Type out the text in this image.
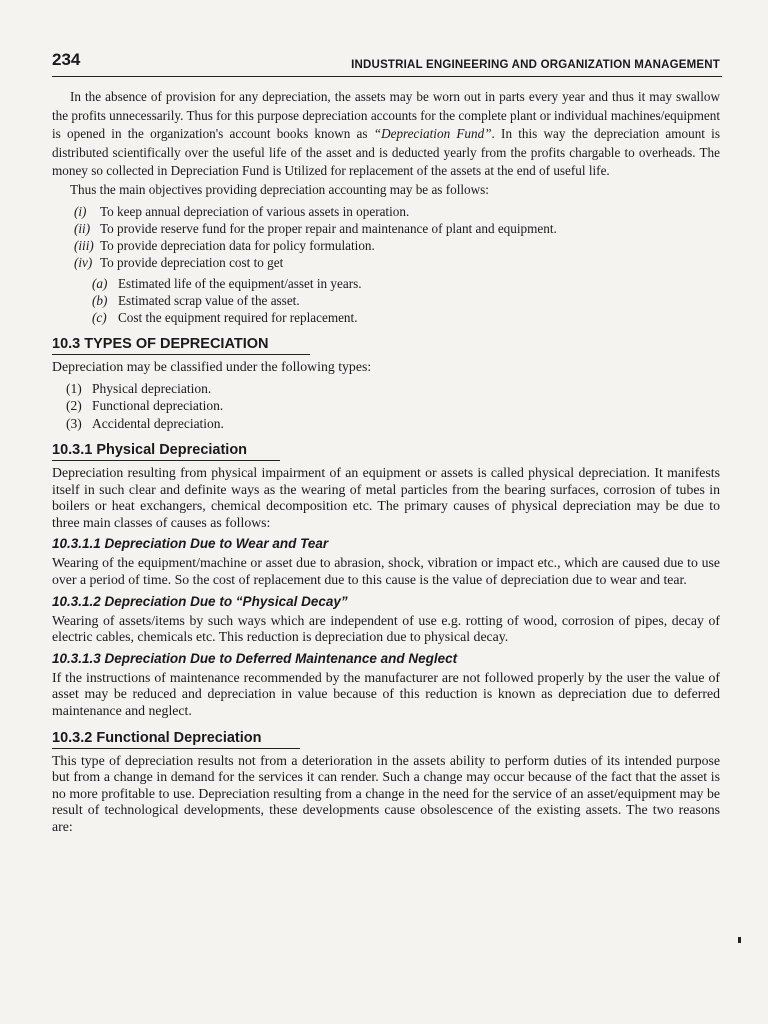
234	INDUSTRIAL ENGINEERING AND ORGANIZATION MANAGEMENT

In the absence of provision for any depreciation, the assets may be worn out in parts every year and thus it may swallow the profits unnecessarily. Thus for this purpose depreciation accounts for the complete plant or individual machines/equipment is opened in the organization's account books known as “Depreciation Fund”. In this way the depreciation amount is distributed scientifically over the useful life of the asset and is deducted yearly from the profits chargable to overheads. The money so collected in Depreciation Fund is Utilized for replacement of the assets at the end of useful life.

Thus the main objectives providing depreciation accounting may be as follows:

(i) To keep annual depreciation of various assets in operation.
(ii) To provide reserve fund for the proper repair and maintenance of plant and equipment.
(iii) To provide depreciation data for policy formulation.
(iv) To provide depreciation cost to get
(a) Estimated life of the equipment/asset in years.
(b) Estimated scrap value of the asset.
(c) Cost the equipment required for replacement.
10.3 TYPES OF DEPRECIATION

Depreciation may be classified under the following types:

(1) Physical depreciation.
(2) Functional depreciation.
(3) Accidental depreciation.
10.3.1 Physical Depreciation

Depreciation resulting from physical impairment of an equipment or assets is called physical depreciation. It manifests itself in such clear and definite ways as the wearing of metal particles from the bearing surfaces, corrosion of tubes in boilers or heat exchangers, chemical decomposition etc. The primary causes of physical depreciation may be due to three main classes of causes as follows:

10.3.1.1 Depreciation Due to Wear and Tear

Wearing of the equipment/machine or asset due to abrasion, shock, vibration or impact etc., which are caused due to use over a period of time. So the cost of replacement due to this cause is the value of depreciation due to wear and tear.

10.3.1.2 Depreciation Due to “Physical Decay”

Wearing of assets/items by such ways which are independent of use e.g. rotting of wood, corrosion of pipes, decay of electric cables, chemicals etc. This reduction is depreciation due to physical decay.

10.3.1.3 Depreciation Due to Deferred Maintenance and Neglect

If the instructions of maintenance recommended by the manufacturer are not followed properly by the user the value of asset may be reduced and depreciation in value because of this reduction is known as depreciation due to deferred maintenance and neglect.

10.3.2 Functional Depreciation

This type of depreciation results not from a deterioration in the assets ability to perform duties of its intended purpose but from a change in demand for the services it can render. Such a change may occur because of the fact that the asset is no more profitable to use. Depreciation resulting from a change in the need for the service of an asset/equipment may be result of technological developments, these developments cause obsolescence of the existing assets. The two reasons are:
